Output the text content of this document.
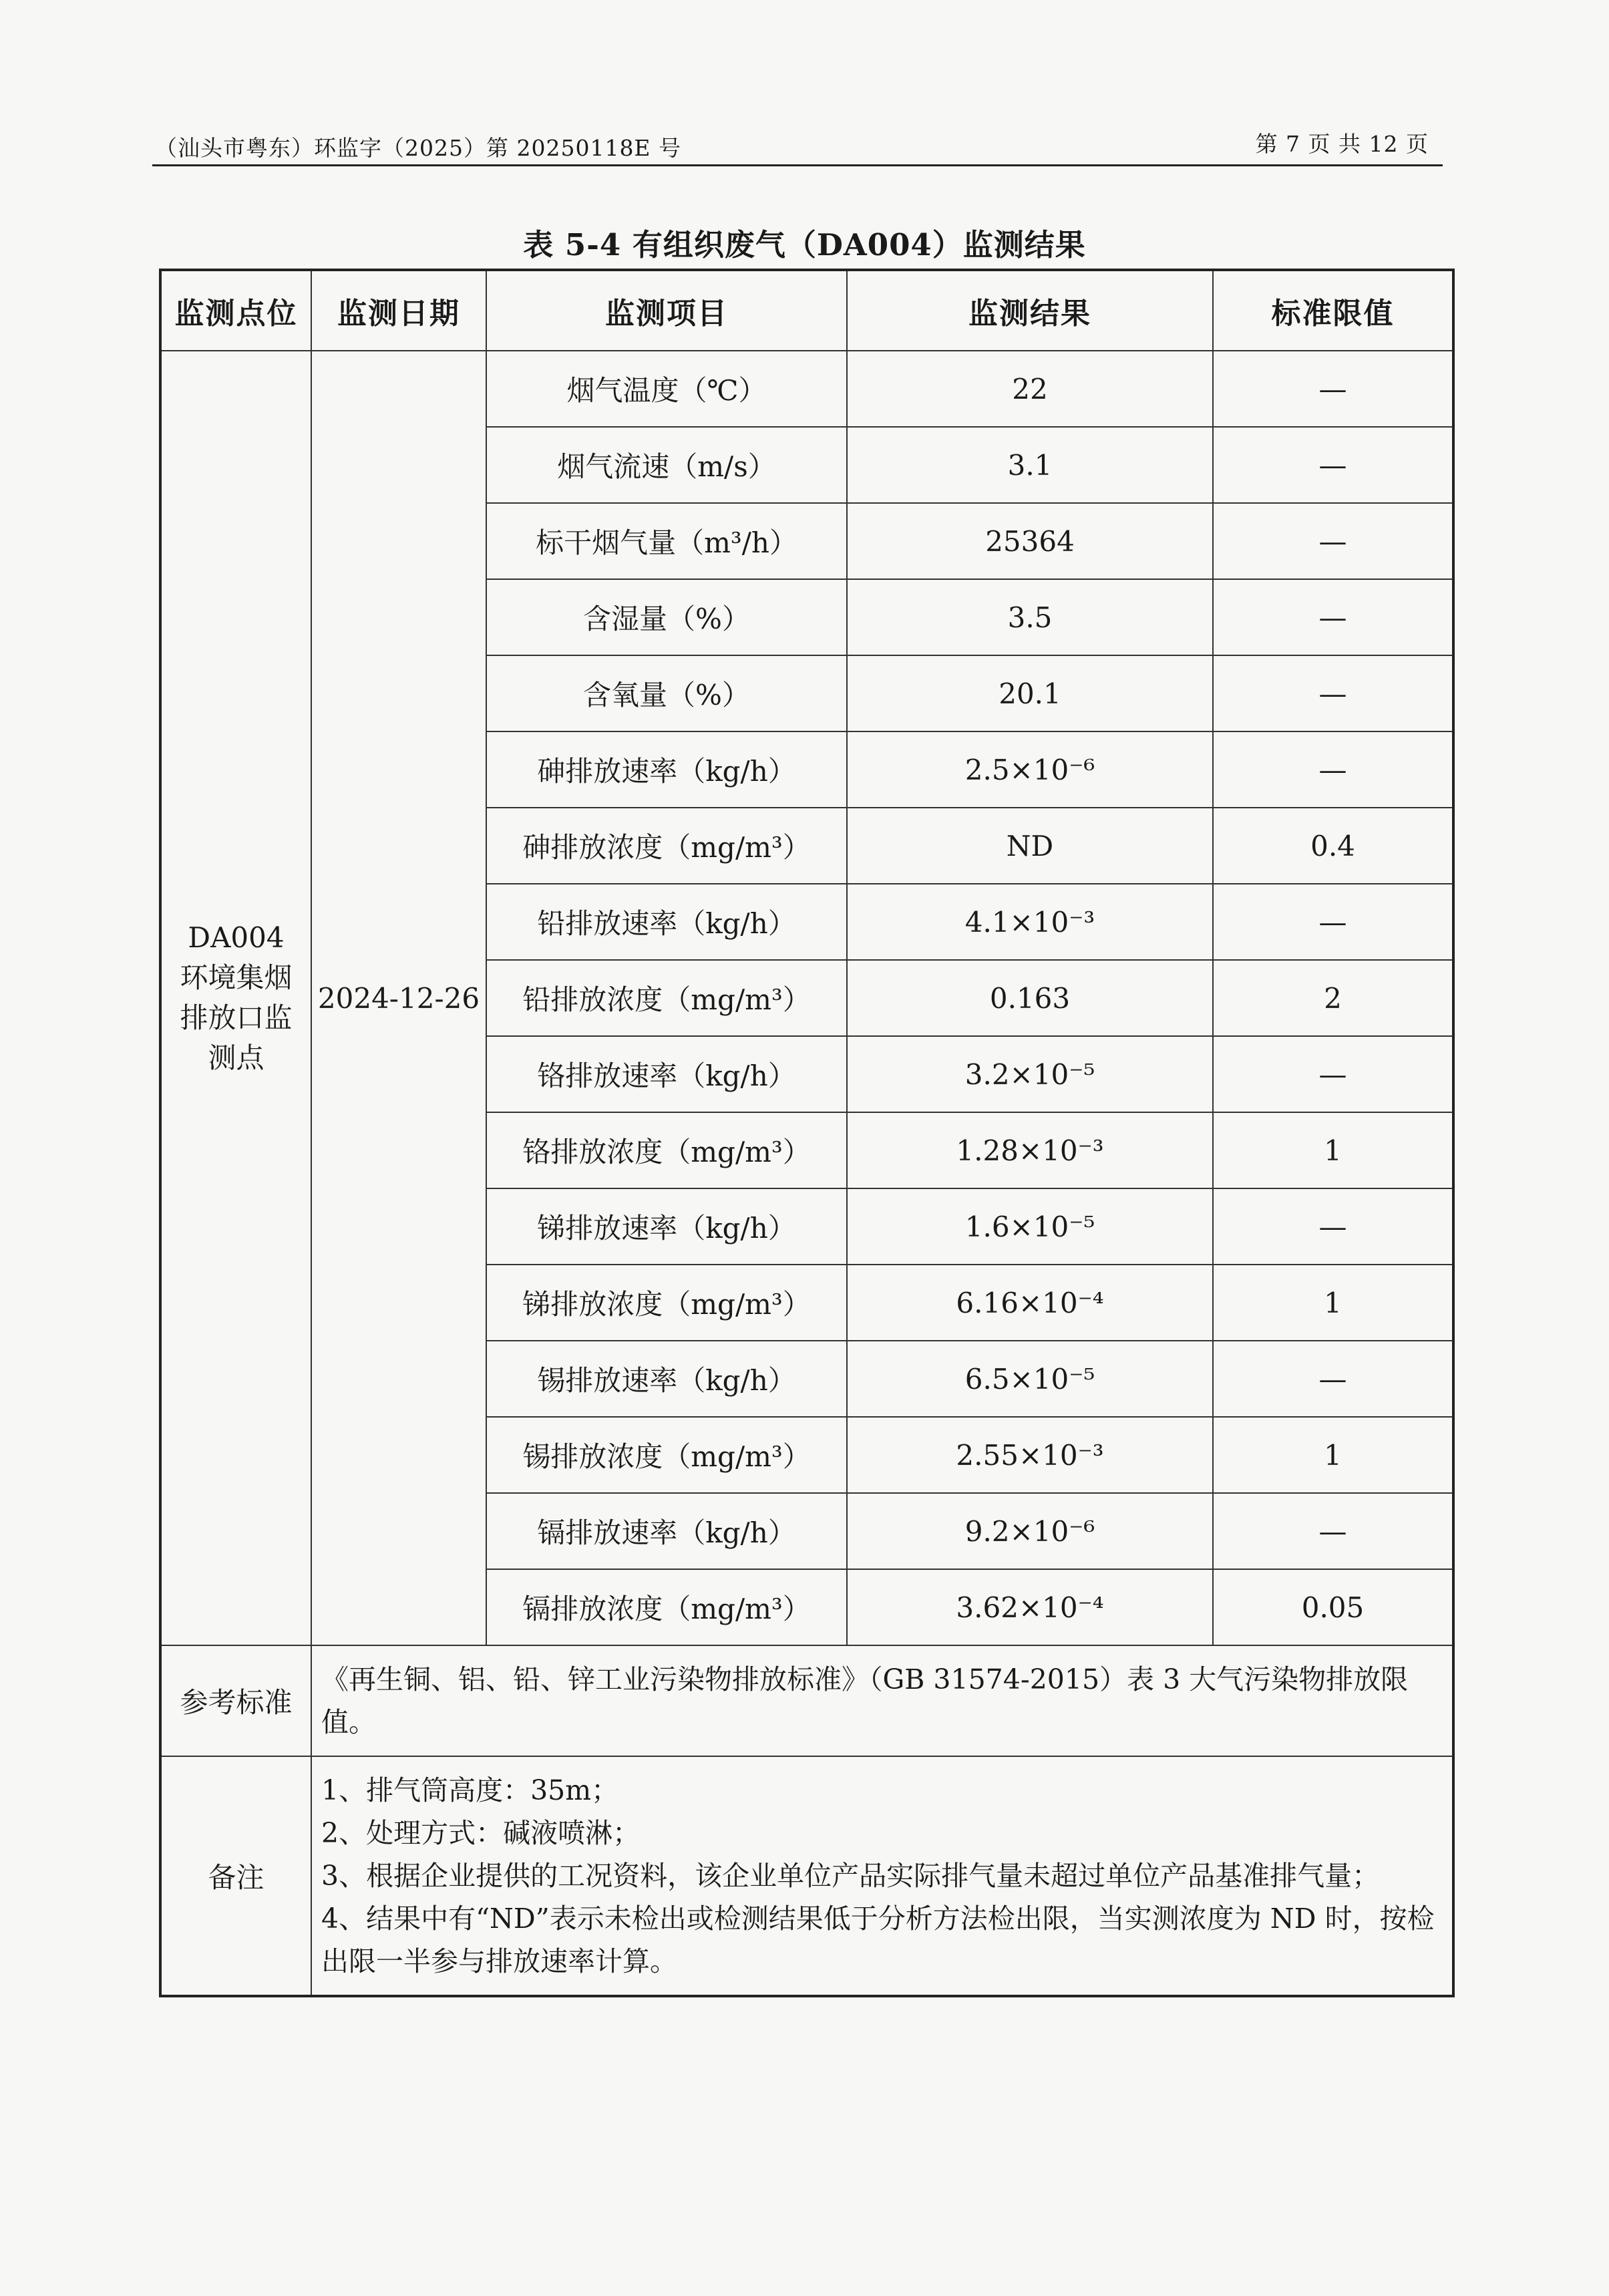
（汕头市粤东）环监字（2025）第 20250118E 号	第 7 页 共 12 页
表 5-4 有组织废气（DA004）监测结果
监测点位	监测日期	监测项目	监测结果	标准限值
DA004
环境集烟
排放口监
测点	2024-12-26	烟气温度（℃）	22	—
		烟气流速（m/s）	3.1	—
		标干烟气量（m³/h）	25364	—
		含湿量（%）	3.5	—
		含氧量（%）	20.1	—
		砷排放速率（kg/h）	2.5×10⁻⁶	—
		砷排放浓度（mg/m³）	ND	0.4
		铅排放速率（kg/h）	4.1×10⁻³	—
		铅排放浓度（mg/m³）	0.163	2
		铬排放速率（kg/h）	3.2×10⁻⁵	—
		铬排放浓度（mg/m³）	1.28×10⁻³	1
		锑排放速率（kg/h）	1.6×10⁻⁵	—
		锑排放浓度（mg/m³）	6.16×10⁻⁴	1
		锡排放速率（kg/h）	6.5×10⁻⁵	—
		锡排放浓度（mg/m³）	2.55×10⁻³	1
		镉排放速率（kg/h）	9.2×10⁻⁶	—
		镉排放浓度（mg/m³）	3.62×10⁻⁴	0.05
参考标准	《再生铜、铝、铅、锌工业污染物排放标准》（GB 31574-2015）表 3 大气污染物排放限值。			
备注	1、排气筒高度：35m；
2、处理方式：碱液喷淋；
3、根据企业提供的工况资料，该企业单位产品实际排气量未超过单位产品基准排气量；
4、结果中有“ND”表示未检出或检测结果低于分析方法检出限，当实测浓度为 ND 时，按检出限一半参与排放速率计算。			
